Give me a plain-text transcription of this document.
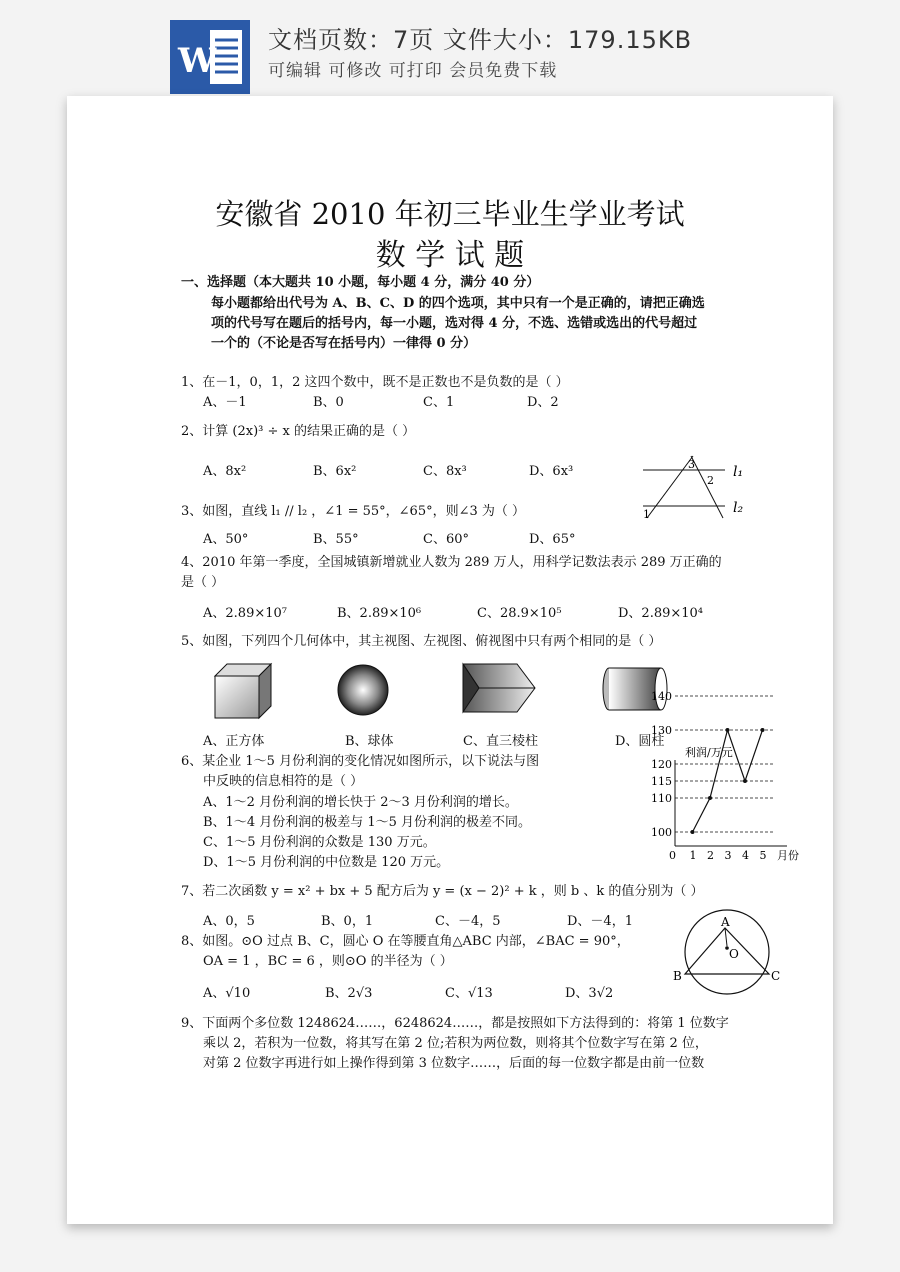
W
文档页数：7页 文件大小：179.15KB
可编辑 可修改 可打印 会员免费下载
安徽省 2010 年初三毕业生学业考试
数 学 试 题
一、选择题（本大题共 10 小题，每小题 4 分，满分 40 分）
每小题都给出代号为 A、B、C、D 的四个选项，其中只有一个是正确的，请把正确选
项的代号写在题后的括号内，每一小题，选对得 4 分，不选、选错或选出的代号超过
一个的（不论是否写在括号内）一律得 0 分）
1、在－1，0，1，2 这四个数中，既不是正数也不是负数的是（ ）
A、－1	B、0	C、1	D、2
2、计算 (2x)³ ÷ x 的结果正确的是（ ）
A、8x²	B、6x²	C、8x³	D、6x³	l₁
l₂
1
2
3
3、如图，直线 l₁ // l₂ ，∠1 = 55°，∠65°，则∠3 为（ ）
A、50°	B、55°	C、60°	D、65°
4、2010 年第一季度，全国城镇新增就业人数为 289 万人，用科学记数法表示 289 万正确的
是（ ）
A、2.89×10⁷	B、2.89×10⁶	C、28.9×10⁵	D、2.89×10⁴
5、如图，下列四个几何体中，其主视图、左视图、俯视图中只有两个相同的是（ ）
A、正方体	B、球体	C、直三棱柱	D、圆柱
6、某企业 1～5 月份利润的变化情况如图所示，以下说法与图
中反映的信息相符的是（ ）
A、1～2 月份利润的增长快于 2～3 月份利润的增长。
B、1～4 月份利润的极差与 1～5 月份利润的极差不同。
C、1～5 月份利润的众数是 130 万元。
D、1～5 月份利润的中位数是 120 万元。
利润/万元
月份
100
110
115
120
130
140
0 1 2 3 4 5
7、若二次函数 y = x² + bx + 5 配方后为 y = (x − 2)² + k ，则 b 、k 的值分别为（ ）
A、0，5	B、0，1	C、－4，5	D、－4，1	A
O
B	C
8、如图。⊙O 过点 B、C，圆心 O 在等腰直角△ABC 内部，∠BAC = 90°，
OA = 1 ，BC = 6 ，则⊙O 的半径为（ ）
A、√10	B、2√3	C、√13	D、3√2
9、下面两个多位数 1248624……，6248624……，都是按照如下方法得到的：将第 1 位数字
乘以 2，若积为一位数，将其写在第 2 位;若积为两位数，则将其个位数字写在第 2 位，
对第 2 位数字再进行如上操作得到第 3 位数字……，后面的每一位数字都是由前一位数
